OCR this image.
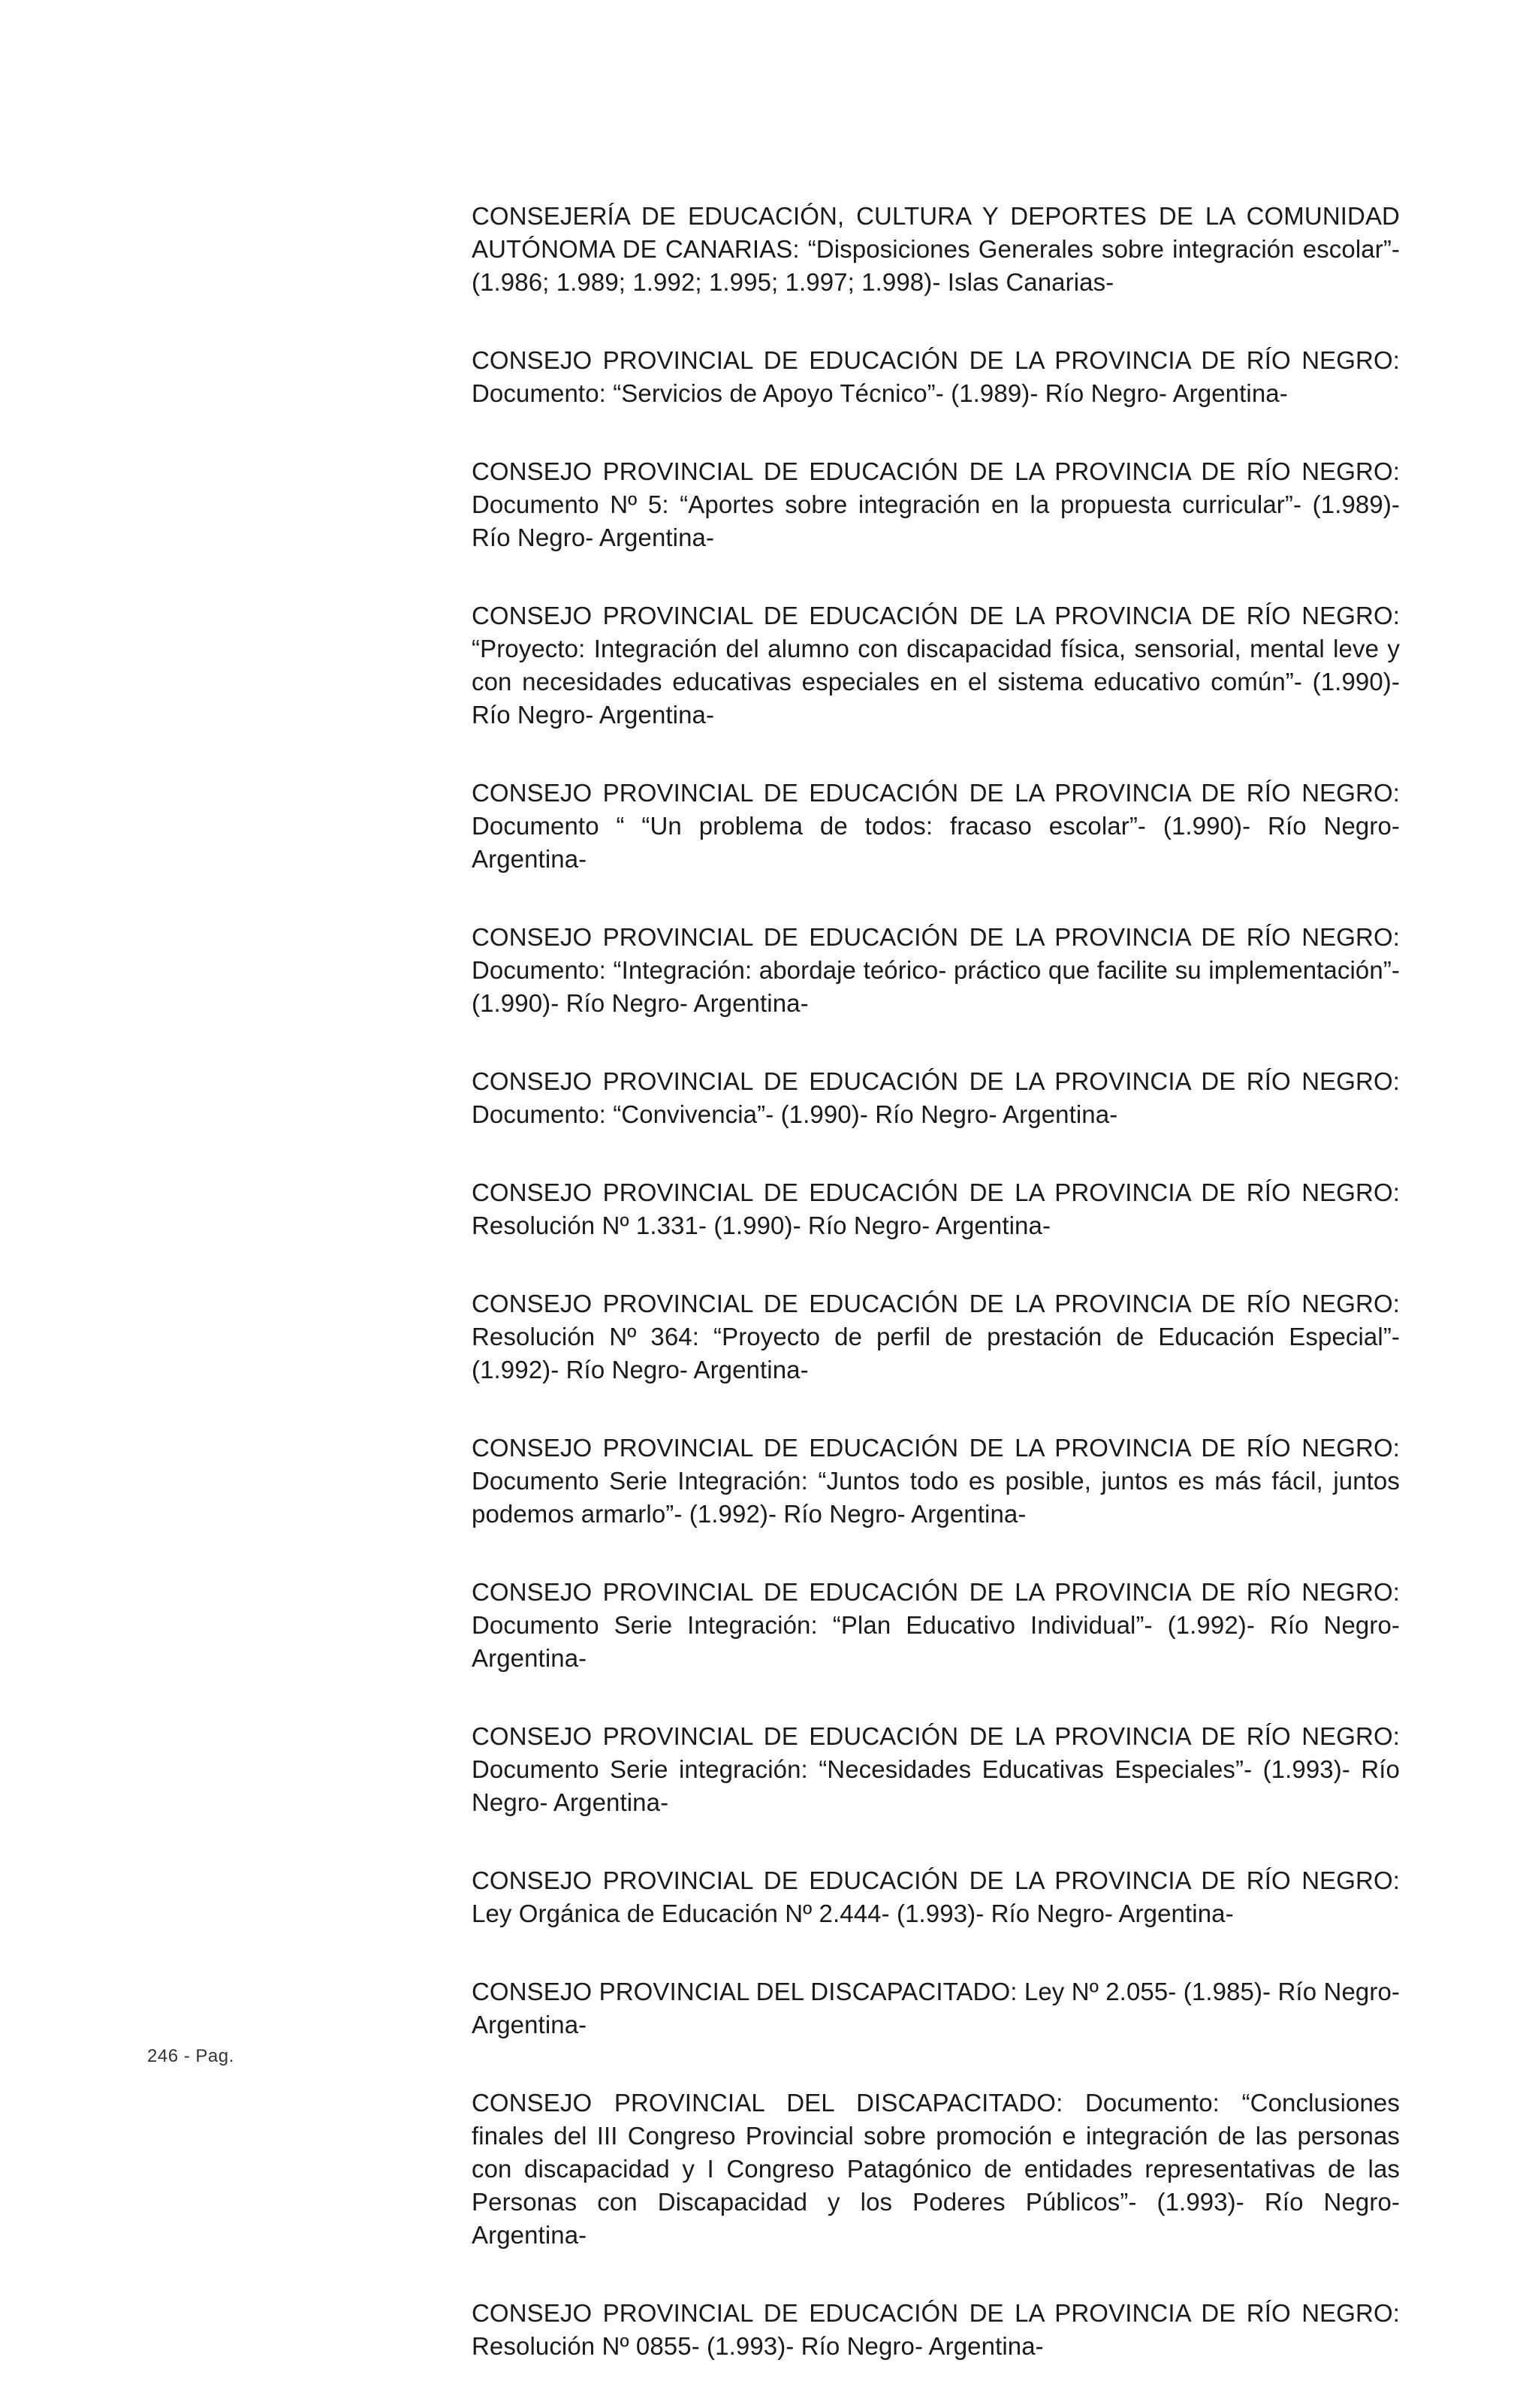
CONSEJERÍA DE EDUCACIÓN, CULTURA Y DEPORTES DE LA COMUNIDAD AUTÓNOMA DE CANARIAS: “Disposiciones Generales sobre integración escolar”- (1.986; 1.989; 1.992; 1.995; 1.997; 1.998)- Islas Canarias-

CONSEJO PROVINCIAL DE EDUCACIÓN DE LA PROVINCIA DE RÍO NEGRO: Documento: “Servicios de Apoyo Técnico”- (1.989)- Río Negro- Argentina-

CONSEJO PROVINCIAL DE EDUCACIÓN DE LA PROVINCIA DE RÍO NEGRO: Documento Nº 5: “Aportes sobre integración en la propuesta curricular”- (1.989)- Río Negro- Argentina-

CONSEJO PROVINCIAL DE EDUCACIÓN DE LA PROVINCIA DE RÍO NEGRO: “Proyecto: Integración del alumno con discapacidad física, sensorial, mental leve y con necesidades educativas especiales en el sistema educativo común”- (1.990)- Río Negro- Argentina-

CONSEJO PROVINCIAL DE EDUCACIÓN DE LA PROVINCIA DE RÍO NEGRO: Documento “ “Un problema de todos: fracaso escolar”- (1.990)- Río Negro- Argentina-

CONSEJO PROVINCIAL DE EDUCACIÓN DE LA PROVINCIA DE RÍO NEGRO: Documento: “Integración: abordaje teórico- práctico que facilite su implementación”- (1.990)- Río Negro- Argentina-

CONSEJO PROVINCIAL DE EDUCACIÓN DE LA PROVINCIA DE RÍO NEGRO: Documento: “Convivencia”- (1.990)- Río Negro- Argentina-

CONSEJO PROVINCIAL DE EDUCACIÓN DE LA PROVINCIA DE RÍO NEGRO: Resolución Nº 1.331- (1.990)- Río Negro- Argentina-

CONSEJO PROVINCIAL DE EDUCACIÓN DE LA PROVINCIA DE RÍO NEGRO: Resolución Nº 364: “Proyecto de perfil de prestación de Educación Especial”- (1.992)- Río Negro- Argentina-

CONSEJO PROVINCIAL DE EDUCACIÓN DE LA PROVINCIA DE RÍO NEGRO: Documento Serie Integración: “Juntos todo es posible, juntos es más fácil, juntos podemos armarlo”- (1.992)- Río Negro- Argentina-

CONSEJO PROVINCIAL DE EDUCACIÓN DE LA PROVINCIA DE RÍO NEGRO: Documento Serie Integración: “Plan Educativo Individual”- (1.992)- Río Negro- Argentina-

CONSEJO PROVINCIAL DE EDUCACIÓN DE LA PROVINCIA DE RÍO NEGRO: Documento Serie integración: “Necesidades Educativas Especiales”- (1.993)- Río Negro- Argentina-

CONSEJO PROVINCIAL DE EDUCACIÓN DE LA PROVINCIA DE RÍO NEGRO: Ley Orgánica de Educación Nº 2.444- (1.993)- Río Negro- Argentina-

CONSEJO PROVINCIAL DEL DISCAPACITADO: Ley Nº 2.055- (1.985)- Río Negro- Argentina-

CONSEJO PROVINCIAL DEL DISCAPACITADO: Documento: “Conclusiones finales del III Congreso Provincial sobre promoción e integración de las personas con discapacidad y I Congreso Patagónico de entidades representativas de las Personas con Discapacidad y los Poderes Públicos”- (1.993)- Río Negro- Argentina-

CONSEJO PROVINCIAL DE EDUCACIÓN DE LA PROVINCIA DE RÍO NEGRO: Resolución Nº 0855- (1.993)- Río Negro- Argentina-

246 - Pag.
